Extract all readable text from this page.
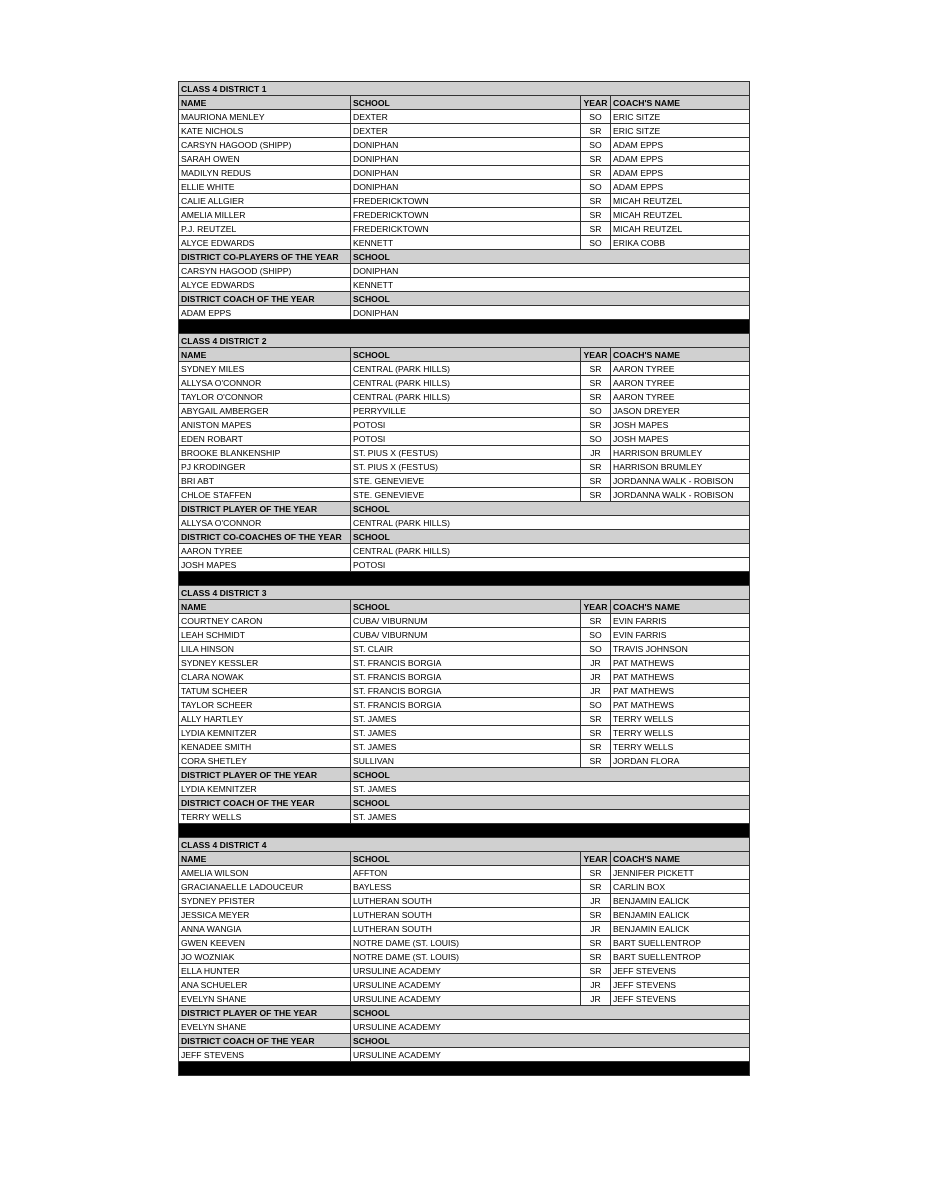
CLASS 4 DISTRICT 1			
NAME	SCHOOL	YEAR	COACH'S NAME
MAURIONA MENLEY	DEXTER	SO	ERIC SITZE
KATE NICHOLS	DEXTER	SR	ERIC SITZE
CARSYN HAGOOD (SHIPP)	DONIPHAN	SO	ADAM EPPS
SARAH OWEN	DONIPHAN	SR	ADAM EPPS
MADILYN REDUS	DONIPHAN	SR	ADAM EPPS
ELLIE WHITE	DONIPHAN	SO	ADAM EPPS
CALIE ALLGIER	FREDERICKTOWN	SR	MICAH REUTZEL
AMELIA MILLER	FREDERICKTOWN	SR	MICAH REUTZEL
P.J. REUTZEL	FREDERICKTOWN	SR	MICAH REUTZEL
ALYCE EDWARDS	KENNETT	SO	ERIKA COBB
DISTRICT CO-PLAYERS OF THE YEAR	SCHOOL		
CARSYN HAGOOD (SHIPP)	DONIPHAN		
ALYCE EDWARDS	KENNETT		
DISTRICT COACH OF THE YEAR	SCHOOL		
ADAM EPPS	DONIPHAN		

CLASS 4 DISTRICT 2			
NAME	SCHOOL	YEAR	COACH'S NAME
SYDNEY MILES	CENTRAL (PARK HILLS)	SR	AARON TYREE
ALLYSA O'CONNOR	CENTRAL (PARK HILLS)	SR	AARON TYREE
TAYLOR O'CONNOR	CENTRAL (PARK HILLS)	SR	AARON TYREE
ABYGAIL AMBERGER	PERRYVILLE	SO	JASON DREYER
ANISTON MAPES	POTOSI	SR	JOSH MAPES
EDEN ROBART	POTOSI	SO	JOSH MAPES
BROOKE BLANKENSHIP	ST. PIUS X (FESTUS)	JR	HARRISON BRUMLEY
PJ KRODINGER	ST. PIUS X (FESTUS)	SR	HARRISON BRUMLEY
BRI ABT	STE. GENEVIEVE	SR	JORDANNA WALK - ROBISON
CHLOE STAFFEN	STE. GENEVIEVE	SR	JORDANNA WALK - ROBISON
DISTRICT PLAYER OF THE YEAR	SCHOOL		
ALLYSA O'CONNOR	CENTRAL (PARK HILLS)		
DISTRICT CO-COACHES OF THE YEAR	SCHOOL		
AARON TYREE	CENTRAL (PARK HILLS)		
JOSH MAPES	POTOSI		

CLASS 4 DISTRICT 3			
NAME	SCHOOL	YEAR	COACH'S NAME
COURTNEY CARON	CUBA/ VIBURNUM	SR	EVIN FARRIS
LEAH SCHMIDT	CUBA/ VIBURNUM	SO	EVIN FARRIS
LILA HINSON	ST. CLAIR	SO	TRAVIS JOHNSON
SYDNEY KESSLER	ST. FRANCIS BORGIA	JR	PAT MATHEWS
CLARA NOWAK	ST. FRANCIS BORGIA	JR	PAT MATHEWS
TATUM SCHEER	ST. FRANCIS BORGIA	JR	PAT MATHEWS
TAYLOR SCHEER	ST. FRANCIS BORGIA	SO	PAT MATHEWS
ALLY HARTLEY	ST. JAMES	SR	TERRY WELLS
LYDIA KEMNITZER	ST. JAMES	SR	TERRY WELLS
KENADEE SMITH	ST. JAMES	SR	TERRY WELLS
CORA SHETLEY	SULLIVAN	SR	JORDAN FLORA
DISTRICT PLAYER OF THE YEAR	SCHOOL		
LYDIA KEMNITZER	ST. JAMES		
DISTRICT COACH OF THE YEAR	SCHOOL		
TERRY WELLS	ST. JAMES		

CLASS 4 DISTRICT 4			
NAME	SCHOOL	YEAR	COACH'S NAME
AMELIA WILSON	AFFTON	SR	JENNIFER PICKETT
GRACIANAELLE LADOUCEUR	BAYLESS	SR	CARLIN BOX
SYDNEY PFISTER	LUTHERAN SOUTH	JR	BENJAMIN EALICK
JESSICA MEYER	LUTHERAN SOUTH	SR	BENJAMIN EALICK
ANNA WANGIA	LUTHERAN SOUTH	JR	BENJAMIN EALICK
GWEN KEEVEN	NOTRE DAME (ST. LOUIS)	SR	BART SUELLENTROP
JO WOZNIAK	NOTRE DAME (ST. LOUIS)	SR	BART SUELLENTROP
ELLA HUNTER	URSULINE ACADEMY	SR	JEFF STEVENS
ANA SCHUELER	URSULINE ACADEMY	JR	JEFF STEVENS
EVELYN SHANE	URSULINE ACADEMY	JR	JEFF STEVENS
DISTRICT PLAYER OF THE YEAR	SCHOOL		
EVELYN SHANE	URSULINE ACADEMY		
DISTRICT COACH OF THE YEAR	SCHOOL		
JEFF STEVENS	URSULINE ACADEMY		
